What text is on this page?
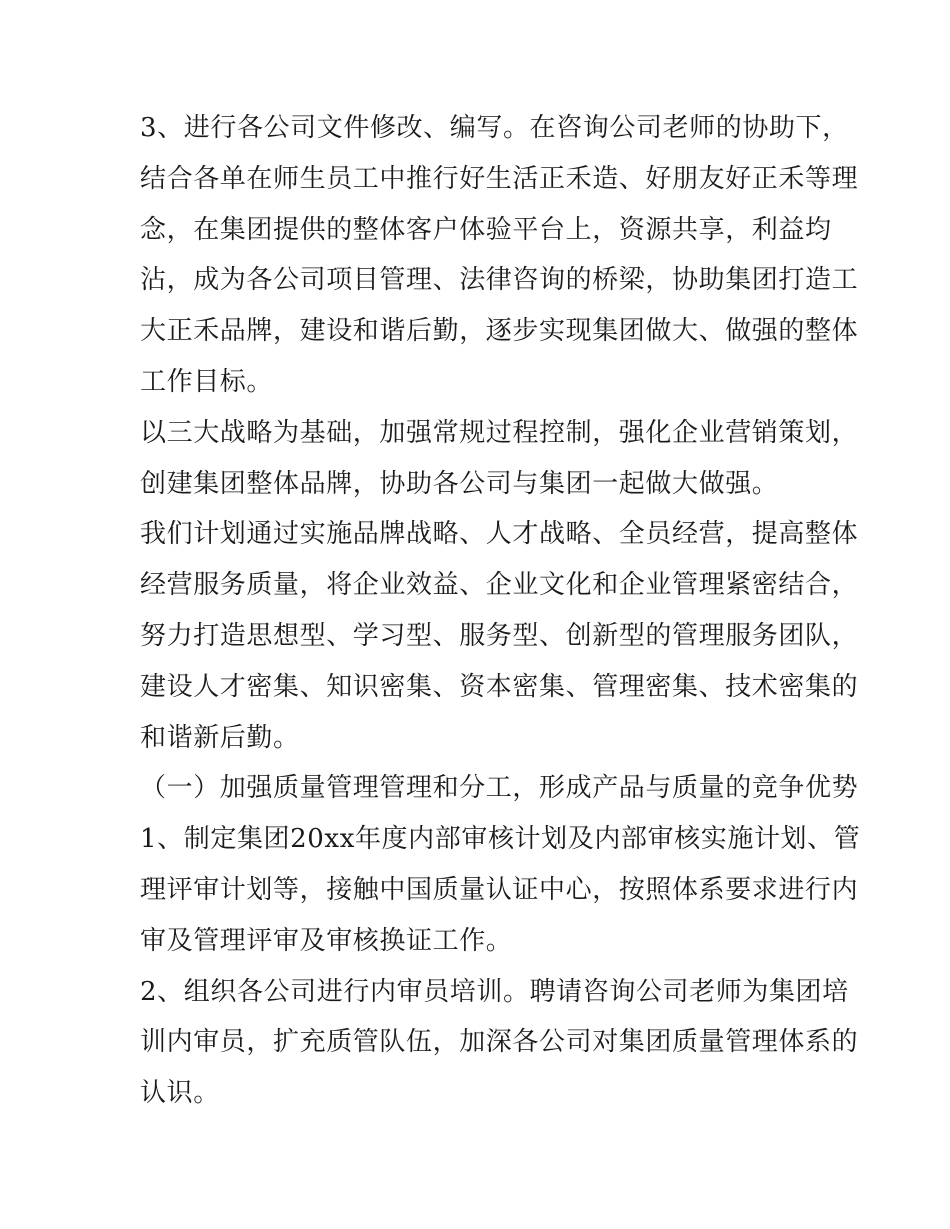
3、进行各公司文件修改、编写。在咨询公司老师的协助下，
结合各单在师生员工中推行好生活正禾造、好朋友好正禾等理
念，在集团提供的整体客户体验平台上，资源共享，利益均
沾，成为各公司项目管理、法律咨询的桥梁，协助集团打造工
大正禾品牌，建设和谐后勤，逐步实现集团做大、做强的整体
工作目标。
以三大战略为基础，加强常规过程控制，强化企业营销策划，
创建集团整体品牌，协助各公司与集团一起做大做强。
我们计划通过实施品牌战略、人才战略、全员经营，提高整体
经营服务质量，将企业效益、企业文化和企业管理紧密结合，
努力打造思想型、学习型、服务型、创新型的管理服务团队，
建设人才密集、知识密集、资本密集、管理密集、技术密集的
和谐新后勤。
（一）加强质量管理管理和分工，形成产品与质量的竞争优势
1、制定集团20xx年度内部审核计划及内部审核实施计划、管
理评审计划等，接触中国质量认证中心，按照体系要求进行内
审及管理评审及审核换证工作。
2、组织各公司进行内审员培训。聘请咨询公司老师为集团培
训内审员，扩充质管队伍，加深各公司对集团质量管理体系的
认识。
